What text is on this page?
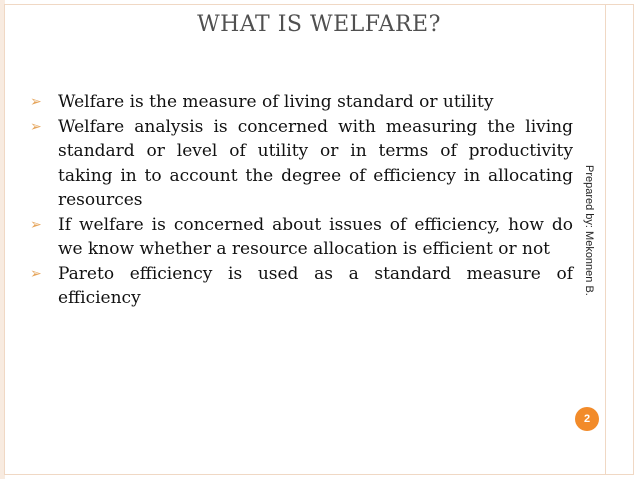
WHAT IS WELFARE?
➢ Welfare is the measure of living standard or utility
➢ Welfare analysis is concerned with measuring the living standard or level of utility or in terms of productivity taking in to account the degree of efficiency in allocating resources
➢ If welfare is concerned about issues of efficiency, how do we know whether a resource allocation is efficient or not
➢ Pareto efficiency is used as a standard measure of efficiency
Prepared by: Mekonnen B.
2
